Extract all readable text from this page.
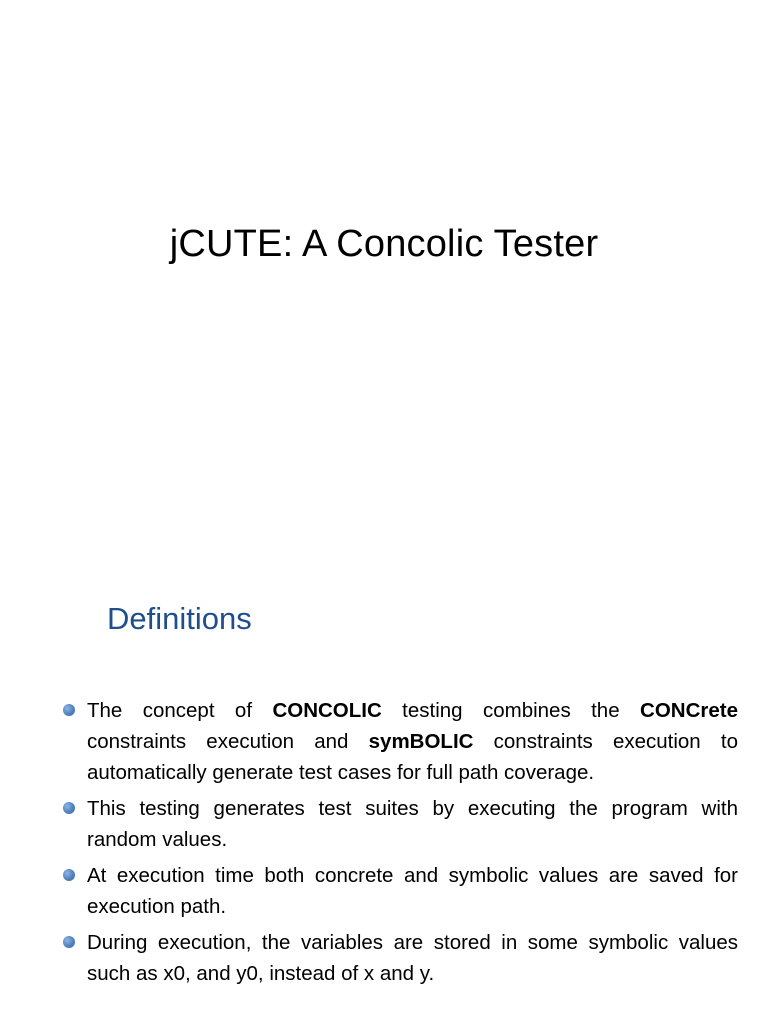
jCUTE: A Concolic Tester
Definitions
The concept of CONCOLIC testing combines the CONCrete constraints execution and symBOLIC constraints execution to automatically generate test cases for full path coverage.
This testing generates test suites by executing the program with random values.
At execution time both concrete and symbolic values are saved for execution path.
During execution, the variables are stored in some symbolic values such as x0, and y0, instead of x and y.
